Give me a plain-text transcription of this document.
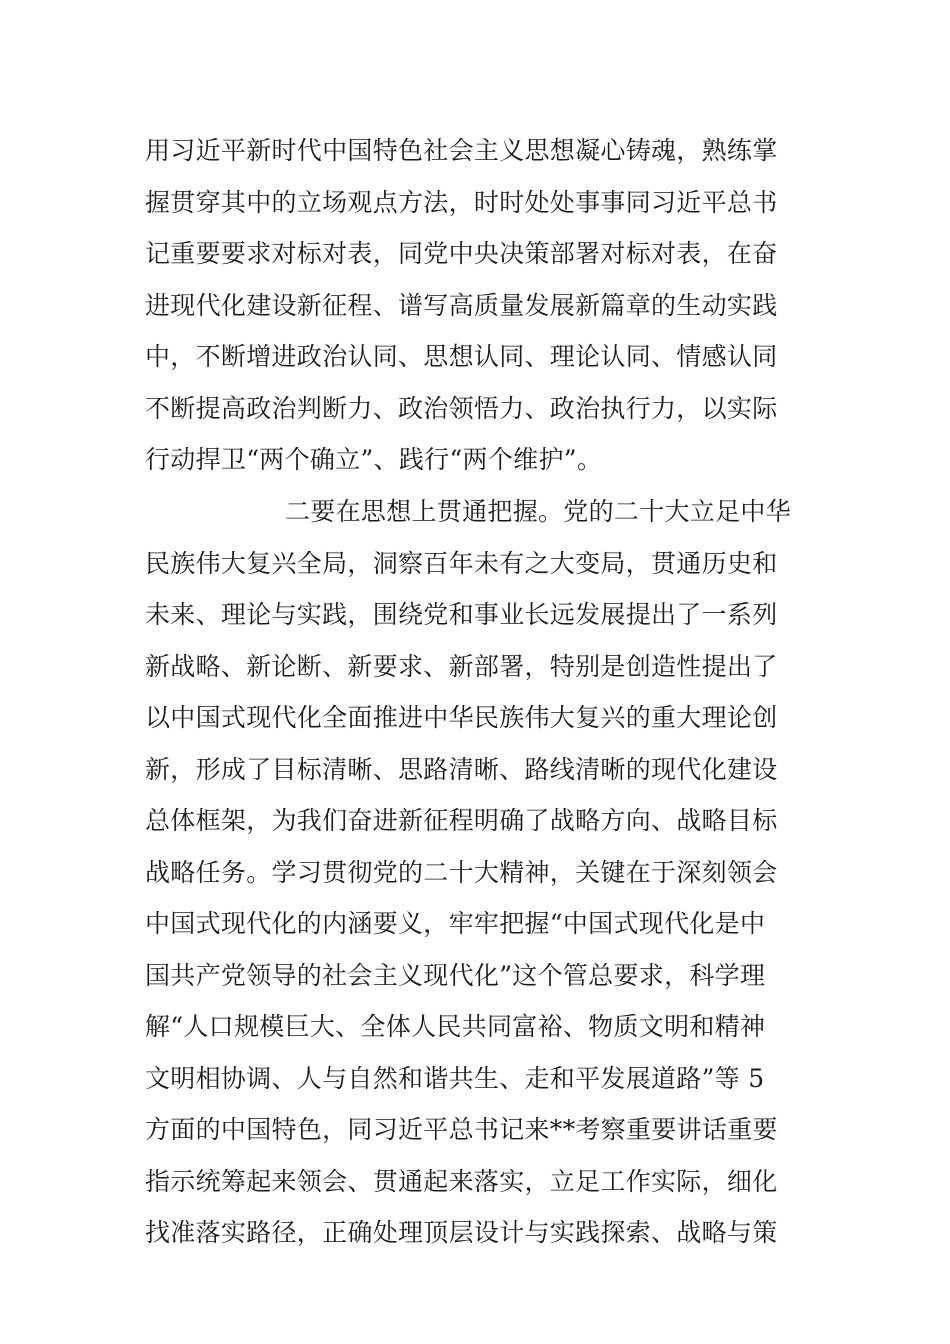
用习近平新时代中国特色社会主义思想凝心铸魂，熟练掌
握贯穿其中的立场观点方法，时时处处事事同习近平总书
记重要要求对标对表，同党中央决策部署对标对表，在奋
进现代化建设新征程、谱写高质量发展新篇章的生动实践
中，不断增进政治认同、思想认同、理论认同、情感认同
不断提高政治判断力、政治领悟力、政治执行力，以实际
行动捍卫“两个确立”、践行“两个维护”。
二要在思想上贯通把握。党的二十大立足中华
民族伟大复兴全局，洞察百年未有之大变局，贯通历史和
未来、理论与实践，围绕党和事业长远发展提出了一系列
新战略、新论断、新要求、新部署，特别是创造性提出了
以中国式现代化全面推进中华民族伟大复兴的重大理论创
新，形成了目标清晰、思路清晰、路线清晰的现代化建设
总体框架，为我们奋进新征程明确了战略方向、战略目标
战略任务。学习贯彻党的二十大精神，关键在于深刻领会
中国式现代化的内涵要义，牢牢把握“中国式现代化是中
国共产党领导的社会主义现代化”这个管总要求，科学理
解“人口规模巨大、全体人民共同富裕、物质文明和精神
文明相协调、人与自然和谐共生、走和平发展道路”等 5
方面的中国特色，同习近平总书记来**考察重要讲话重要
指示统筹起来领会、贯通起来落实，立足工作实际，细化
找准落实路径，正确处理顶层设计与实践探索、战略与策
